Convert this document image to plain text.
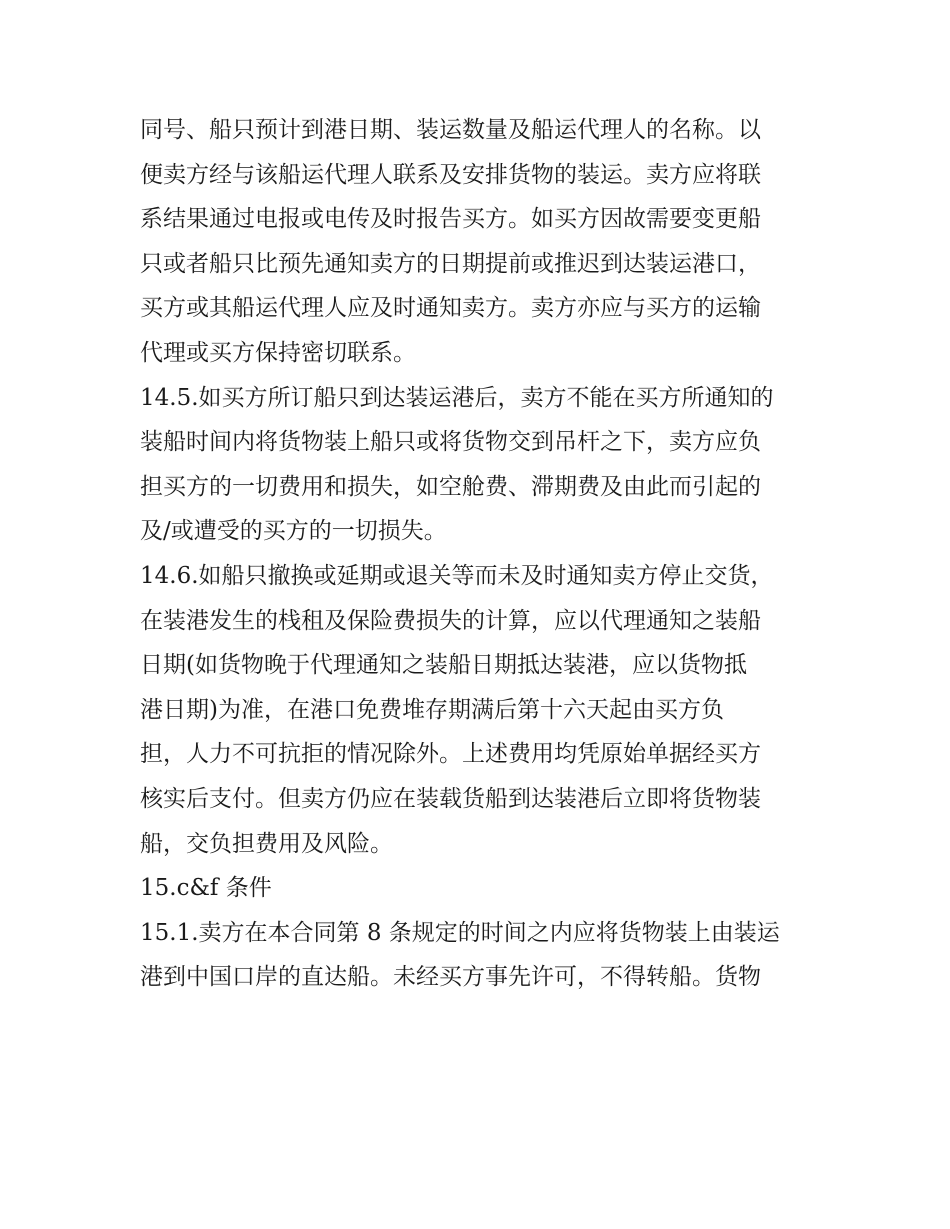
同号、船只预计到港日期、装运数量及船运代理人的名称。以
便卖方经与该船运代理人联系及安排货物的装运。卖方应将联
系结果通过电报或电传及时报告买方。如买方因故需要变更船
只或者船只比预先通知卖方的日期提前或推迟到达装运港口，
买方或其船运代理人应及时通知卖方。卖方亦应与买方的运输
代理或买方保持密切联系。
14.5.如买方所订船只到达装运港后，卖方不能在买方所通知的
装船时间内将货物装上船只或将货物交到吊杆之下，卖方应负
担买方的一切费用和损失，如空舱费、滞期费及由此而引起的
及/或遭受的买方的一切损失。
14.6.如船只撤换或延期或退关等而未及时通知卖方停止交货，
在装港发生的栈租及保险费损失的计算，应以代理通知之装船
日期(如货物晚于代理通知之装船日期抵达装港，应以货物抵
港日期)为准，在港口免费堆存期满后第十六天起由买方负
担，人力不可抗拒的情况除外。上述费用均凭原始单据经买方
核实后支付。但卖方仍应在装载货船到达装港后立即将货物装
船，交负担费用及风险。
15.c&f 条件
15.1.卖方在本合同第 8 条规定的时间之内应将货物装上由装运
港到中国口岸的直达船。未经买方事先许可，不得转船。货物
